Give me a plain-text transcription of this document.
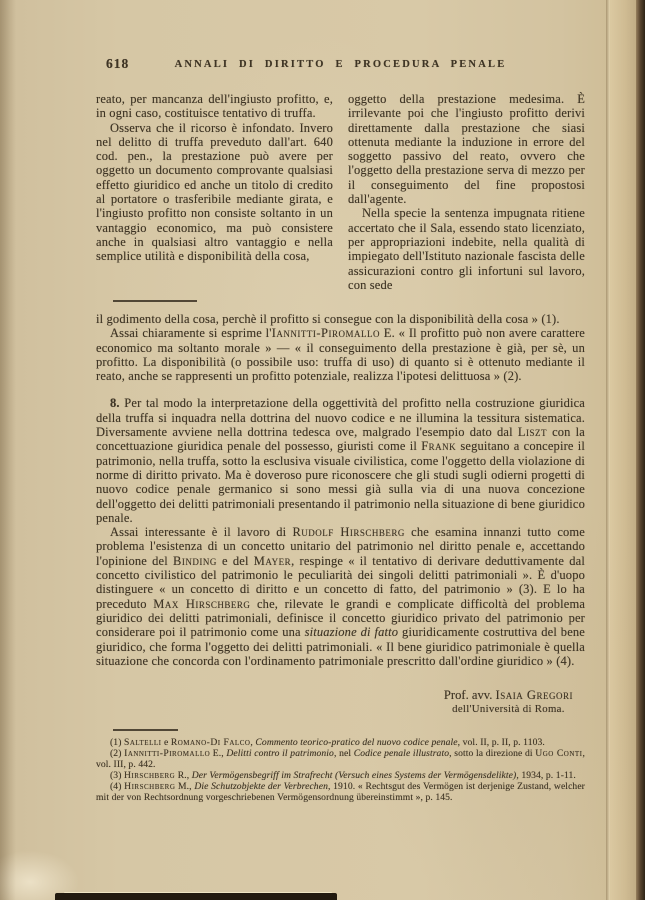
618	ANNALI DI DIRITTO E PROCEDURA PENALE

reato, per mancanza dell'ingiusto profitto, e, in ogni caso, costituisce tentativo di truffa.

Osserva che il ricorso è infondato. Invero nel delitto di truffa preveduto dall'art. 640 cod. pen., la prestazione può avere per oggetto un documento comprovante qualsiasi effetto giuridico ed anche un titolo di credito al portatore o trasferibile mediante girata, e l'ingiusto profitto non consiste soltanto in un vantaggio economico, ma può consistere anche in qualsiasi altro vantaggio e nella semplice utilità e disponibilità della cosa,

oggetto della prestazione medesima. È irrilevante poi che l'ingiusto profitto derivi direttamente dalla prestazione che siasi ottenuta mediante la induzione in errore del soggetto passivo del reato, ovvero che l'oggetto della prestazione serva di mezzo per il conseguimento del fine propostosi dall'agente.

Nella specie la sentenza impugnata ritiene accertato che il Sala, essendo stato licenziato, per appropriazioni indebite, nella qualità di impiegato dell'Istituto nazionale fascista delle assicurazioni contro gli infortuni sul lavoro, con sede

il godimento della cosa, perchè il profitto si consegue con la disponibilità della cosa » (1).

Assai chiaramente si esprime l'Iannitti-Piromallo E. « Il profitto può non avere carattere economico ma soltanto morale » — « il conseguimento della prestazione è già, per sè, un profitto. La disponibilità (o possibile uso: truffa di uso) di quanto si è ottenuto mediante il reato, anche se rappresenti un profitto potenziale, realizza l'ipotesi delittuosa » (2).

8. Per tal modo la interpretazione della oggettività del profitto nella costruzione giuridica della truffa si inquadra nella dottrina del nuovo codice e ne illumina la tessitura sistematica. Diversamente avviene nella dottrina tedesca ove, malgrado l'esempio dato dal Liszt con la concettuazione giuridica penale del possesso, giuristi come il Frank seguitano a concepire il patrimonio, nella truffa, sotto la esclusiva visuale civilistica, come l'oggetto della violazione di norme di diritto privato. Ma è doveroso pure riconoscere che gli studi sugli odierni progetti di nuovo codice penale germanico si sono messi già sulla via di una nuova concezione dell'oggetto dei delitti patrimoniali presentando il patrimonio nella situazione di bene giuridico penale.

Assai interessante è il lavoro di Rudolf Hirschberg che esamina innanzi tutto come problema l'esistenza di un concetto unitario del patrimonio nel diritto penale e, accettando l'opinione del Binding e del Mayer, respinge « il tentativo di derivare deduttivamente dal concetto civilistico del patrimonio le peculiarità dei singoli delitti patrimoniali ». È d'uopo distinguere « un concetto di diritto e un concetto di fatto, del patrimonio » (3). E lo ha preceduto Max Hirschberg che, rilevate le grandi e complicate difficoltà del problema giuridico dei delitti patrimoniali, definisce il concetto giuridico privato del patrimonio per considerare poi il patrimonio come una situazione di fatto giuridicamente costruttiva del bene giuridico, che forma l'oggetto dei delitti patrimoniali. « Il bene giuridico patrimoniale è quella situazione che concorda con l'ordinamento patrimoniale prescritto dall'ordine giuridico » (4).

Prof. avv. Isaia Gregori
dell'Università di Roma.

(1) Saltelli e Romano-Di Falco, Commento teorico-pratico del nuovo codice penale, vol. II, p. II, p. 1103.

(2) Iannitti-Piromallo E., Delitti contro il patrimonio, nel Codice penale illustrato, sotto la direzione di Ugo Conti, vol. III, p. 442.

(3) Hirschberg R., Der Vermögensbegriff im Strafrecht (Versuch eines Systems der Vermögensdelikte), 1934, p. 1-11.

(4) Hirschberg M., Die Schutzobjekte der Verbrechen, 1910. « Rechtsgut des Vermögen ist derjenige Zustand, welcher mit der von Rechtsordnung vorgeschriebenen Vermögensordnung übereinstimmt », p. 145.
